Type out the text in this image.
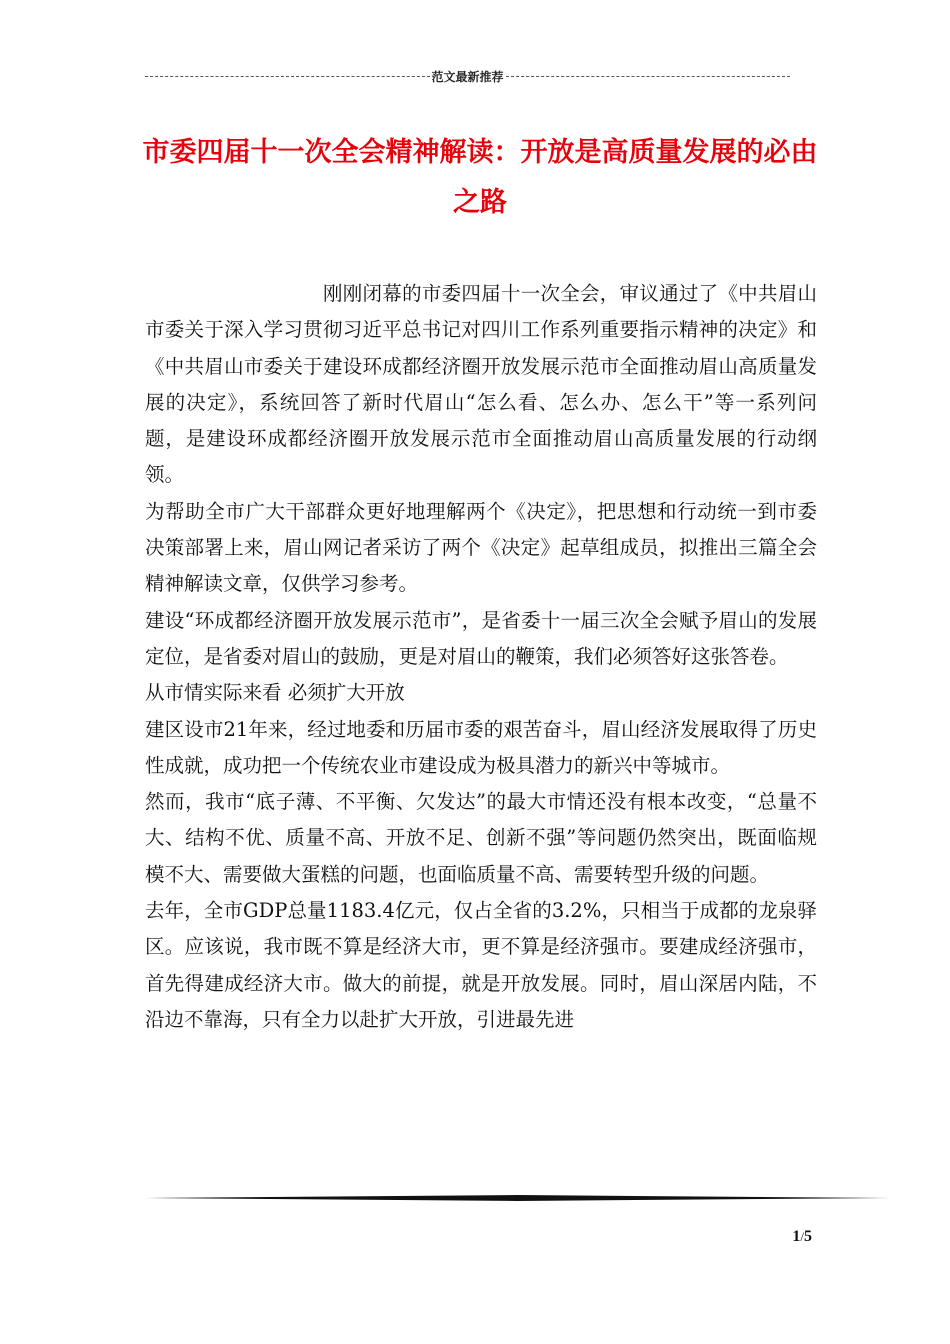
范文最新推荐
市委四届十一次全会精神解读：开放是高质量发展的必由之路

刚刚闭幕的市委四届十一次全会，审议通过了《中共眉山市委关于深入学习贯彻习近平总书记对四川工作系列重要指示精神的决定》和《中共眉山市委关于建设环成都经济圈开放发展示范市全面推动眉山高质量发展的决定》，系统回答了新时代眉山“怎么看、怎么办、怎么干”等一系列问题，是建设环成都经济圈开放发展示范市全面推动眉山高质量发展的行动纲领。

为帮助全市广大干部群众更好地理解两个《决定》，把思想和行动统一到市委决策部署上来，眉山网记者采访了两个《决定》起草组成员，拟推出三篇全会精神解读文章，仅供学习参考。

建设“环成都经济圈开放发展示范市”，是省委十一届三次全会赋予眉山的发展定位，是省委对眉山的鼓励，更是对眉山的鞭策，我们必须答好这张答卷。

从市情实际来看 必须扩大开放

建区设市21年来，经过地委和历届市委的艰苦奋斗，眉山经济发展取得了历史性成就，成功把一个传统农业市建设成为极具潜力的新兴中等城市。

然而，我市“底子薄、不平衡、欠发达”的最大市情还没有根本改变，“总量不大、结构不优、质量不高、开放不足、创新不强”等问题仍然突出，既面临规模不大、需要做大蛋糕的问题，也面临质量不高、需要转型升级的问题。

去年，全市GDP总量1183.4亿元，仅占全省的3.2%，只相当于成都的龙泉驿区。应该说，我市既不算是经济大市，更不算是经济强市。要建成经济强市，首先得建成经济大市。做大的前提，就是开放发展。同时，眉山深居内陆，不沿边不靠海，只有全力以赴扩大开放，引进最先进

1/5
